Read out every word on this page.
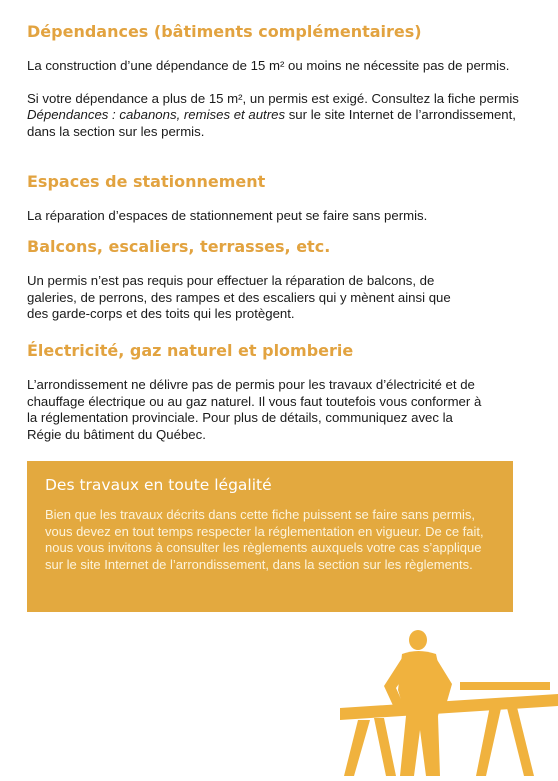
Dépendances (bâtiments complémentaires)

La construction d’une dépendance de 15 m² ou moins ne nécessite pas de permis.

Si votre dépendance a plus de 15 m², un permis est exigé. Consultez la fiche permis Dépendances : cabanons, remises et autres sur le site Internet de l’arrondissement, dans la section sur les permis.

Espaces de stationnement

La réparation d’espaces de stationnement peut se faire sans permis.

Balcons, escaliers, terrasses, etc.

Un permis n’est pas requis pour effectuer la réparation de balcons, de galeries, de perrons, des rampes et des escaliers qui y mènent ainsi que des garde-corps et des toits qui les protègent.

Électricité, gaz naturel et plomberie

L’arrondissement ne délivre pas de permis pour les travaux d’électricité et de chauffage électrique ou au gaz naturel. Il vous faut toutefois vous conformer à la réglementation provinciale. Pour plus de détails, communiquez avec la Régie du bâtiment du Québec.

Des travaux en toute légalité

Bien que les travaux décrits dans cette fiche puissent se faire sans permis, vous devez en tout temps respecter la réglementation en vigueur. De ce fait, nous vous invitons à consulter les règlements auxquels votre cas s’applique sur le site Internet de l’arrondissement, dans la section sur les règlements.
